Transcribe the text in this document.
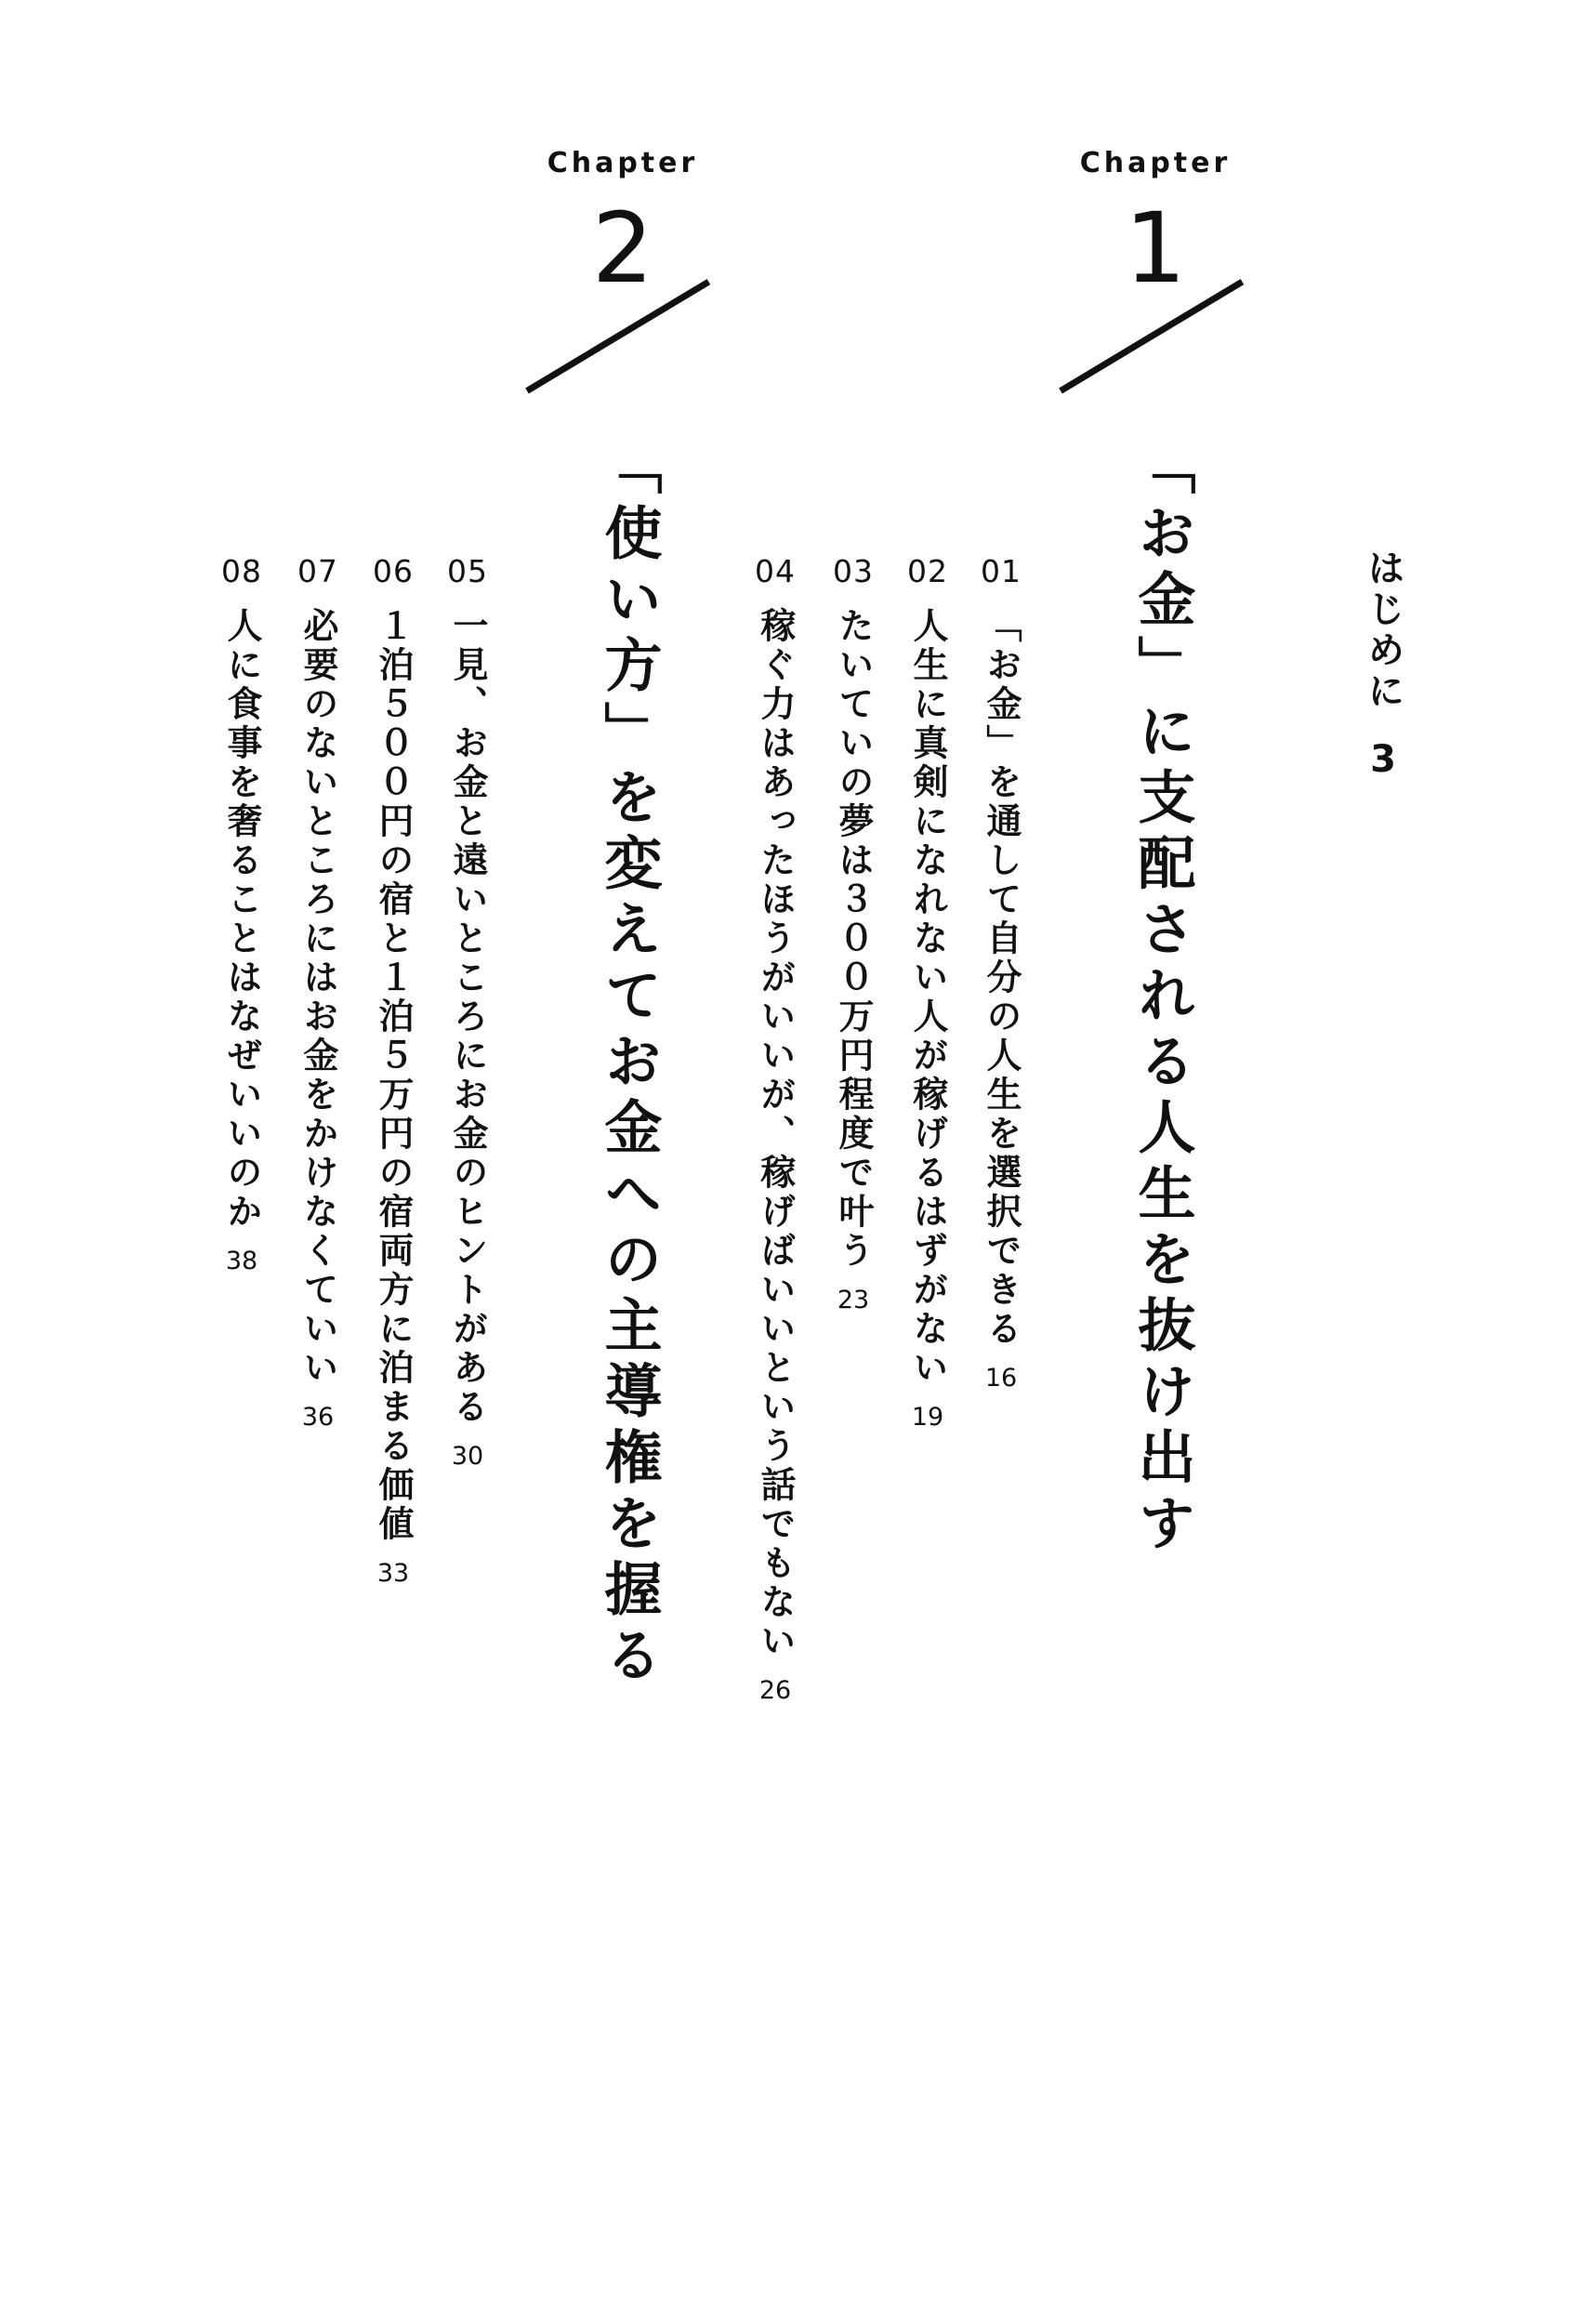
はじめに3
Chapter
1
「お金」に支配される人生を抜け出す
01
「お金」を通して自分の人生を選択できる
16
02
人生に真剣になれない人が稼げるはずがない
19
03
たいていの夢は３００万円程度で叶う
23
04
稼ぐ力はあったほうがいいが、稼げばいいという話でもない
26
Chapter
2
「使い方」を変えてお金への主導権を握る
05
一見、お金と遠いところにお金のヒントがある
30
06
１泊５００円の宿と１泊５万円の宿両方に泊まる価値
33
07
必要のないところにはお金をかけなくていい
36
08
人に食事を奢ることはなぜいいのか
38
